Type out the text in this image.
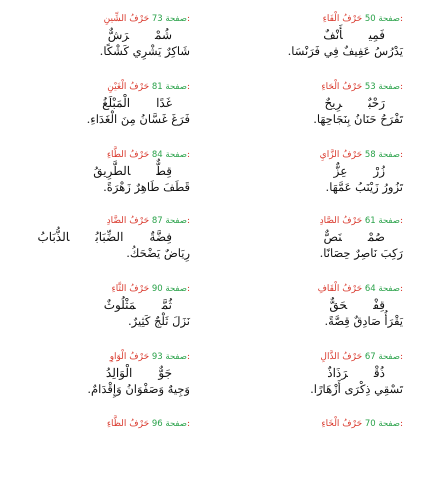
صفحة 50 حَرْفُ الْفَاءِ:
فَمِيأَنْفٌ
يَدْرُسُ عَفِيفٌ فِي فَرَنْسَا.
صفحة 53 حَرْفُ الْحَاءِ:
رَحْبٌرِيحٌ
تَفْرَحُ حَنَانُ بِنَجَاحِهَا.
صفحة 58 حَرْفُ الزَّايِ:
زُرْعِزٌّ
تَزُورُ زَيْنَبُ عَمَّهَا.
صفحة 61 حَرْفُ الصَّادِ:
صُمْنَصٌّ
رَكِبَ نَاصِرٌ حِصَانًا.
صفحة 64 حَرْفُ الْقَافِ:
قِفْحَقٌّ
يَقْرَأُ صَادِقٌ قِصَّةً.
صفحة 67 حَرْفُ الذَّالِ:
ذُقْرَذَاذٌ
تَسْقِي ذِكْرَى أَزْهَارًا.
صفحة 70 حَرْفُ الْخَاءِ:
صفحة 73 حَرْفُ الشِّينِ:
شُمْرَشٌّ
شَاكِرٌ يَشْرِي كَشْكًا.
صفحة 81 حَرْفُ الْغَيْنِ:
غَدًاالْمَبْلَغُ
فَرَغَ غَسَّانُ مِنَ الْغَدَاءِ.
صفحة 84 حَرْفُ الطَّاءِ:
قِطٌّالطَّرِيقُ
قَطَفَ طَاهِرٌ زَهْرَةً.
صفحة 87 حَرْفُ الضَّادِ:
فِضَّةٌالضِّبَابُالذُّبَابُ
رِيَاضٌ يَضْحَكُ.
صفحة 90 حَرْفُ الثَّاءِ:
ثُمَّمَثْلُوثٌ
نَزَلَ ثَلْجٌ كَثِيرٌ.
صفحة 93 حَرْفُ الْوَاوِ:
جَوٌّالْوَالِدُ
وَجِيهٌ وَصَفْوَانُ وَإِقْدَامٌ.
صفحة 96 حَرْفُ الظَّاءِ:
